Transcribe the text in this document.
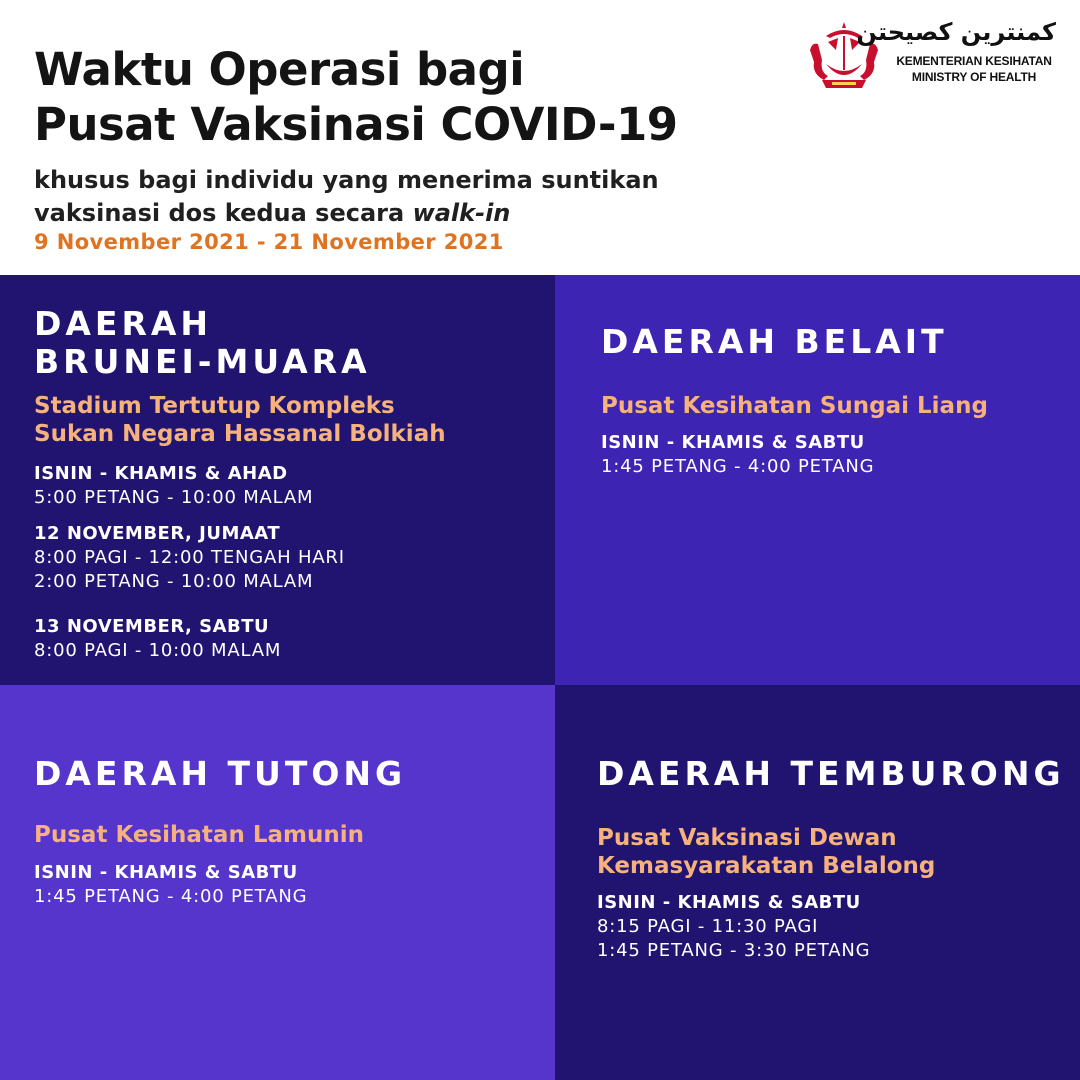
Waktu Operasi bagi
Pusat Vaksinasi COVID-19
khusus bagi individu yang menerima suntikan
vaksinasi dos kedua secara walk-in
9 November 2021 - 21 November 2021
كمنترين كصيحتن
KEMENTERIAN KESIHATAN
MINISTRY OF HEALTH
DAERAH
BRUNEI-MUARA
Stadium Tertutup Kompleks
Sukan Negara Hassanal Bolkiah
ISNIN - KHAMIS & AHAD
5:00 PETANG - 10:00 MALAM
12 NOVEMBER, JUMAAT
8:00 PAGI - 12:00 TENGAH HARI
2:00 PETANG - 10:00 MALAM
13 NOVEMBER, SABTU
8:00 PAGI - 10:00 MALAM
DAERAH BELAIT
Pusat Kesihatan Sungai Liang
ISNIN - KHAMIS & SABTU
1:45 PETANG - 4:00 PETANG
DAERAH TUTONG
Pusat Kesihatan Lamunin
ISNIN - KHAMIS & SABTU
1:45 PETANG - 4:00 PETANG
DAERAH TEMBURONG
Pusat Vaksinasi Dewan
Kemasyarakatan Belalong
ISNIN - KHAMIS & SABTU
8:15 PAGI - 11:30 PAGI
1:45 PETANG - 3:30 PETANG
